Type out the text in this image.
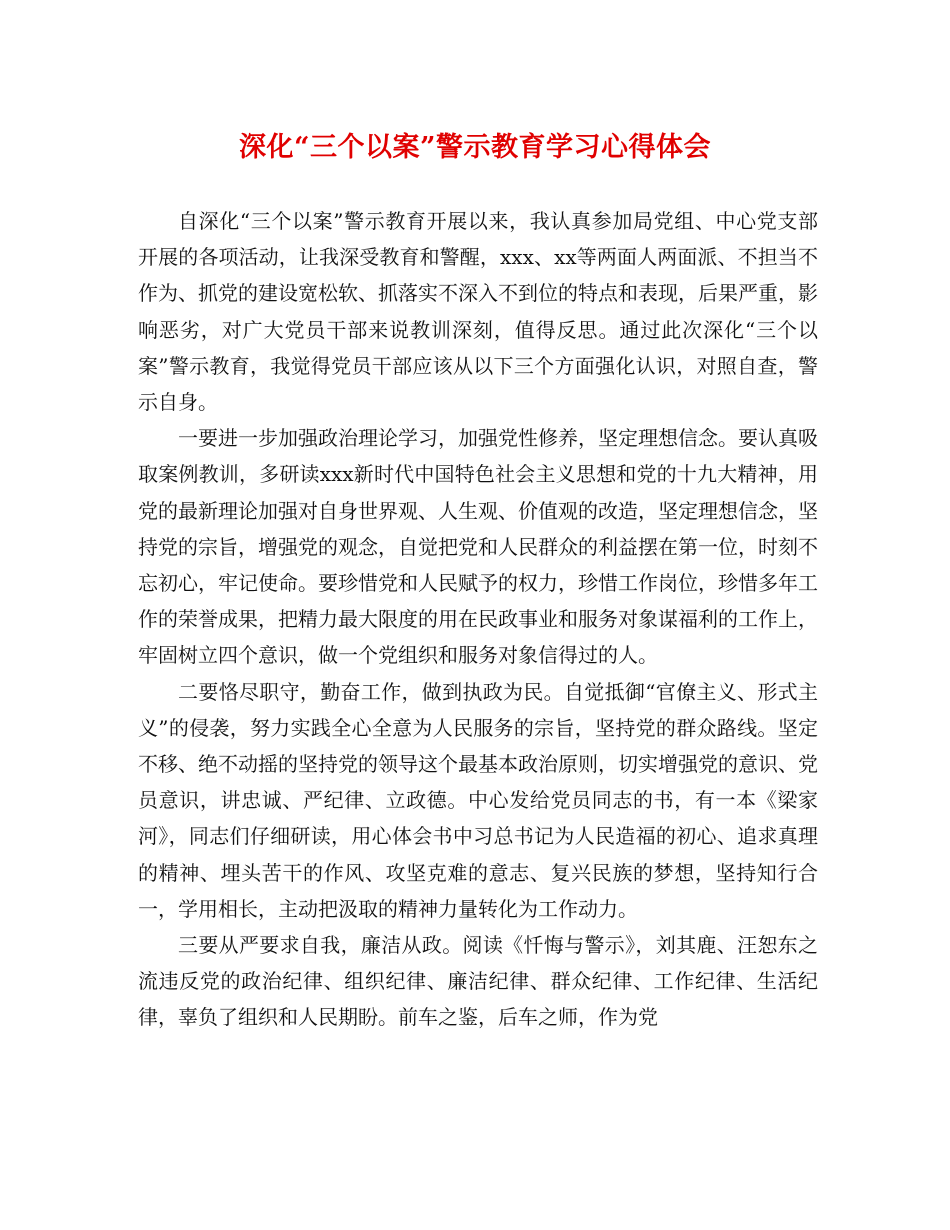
深化“三个以案”警示教育学习心得体会

自深化“三个以案”警示教育开展以来，我认真参加局党组、中心党支部开展的各项活动，让我深受教育和警醒，xxx、xx等两面人两面派、不担当不作为、抓党的建设宽松软、抓落实不深入不到位的特点和表现，后果严重，影响恶劣，对广大党员干部来说教训深刻，值得反思。通过此次深化“三个以案”警示教育，我觉得党员干部应该从以下三个方面强化认识，对照自查，警示自身。

一要进一步加强政治理论学习，加强党性修养，坚定理想信念。要认真吸取案例教训，多研读xxx新时代中国特色社会主义思想和党的十九大精神，用党的最新理论加强对自身世界观、人生观、价值观的改造，坚定理想信念，坚持党的宗旨，增强党的观念，自觉把党和人民群众的利益摆在第一位，时刻不忘初心，牢记使命。要珍惜党和人民赋予的权力，珍惜工作岗位，珍惜多年工作的荣誉成果，把精力最大限度的用在民政事业和服务对象谋福利的工作上，牢固树立四个意识，做一个党组织和服务对象信得过的人。

二要恪尽职守，勤奋工作，做到执政为民。自觉抵御“官僚主义、形式主义”的侵袭，努力实践全心全意为人民服务的宗旨，坚持党的群众路线。坚定不移、绝不动摇的坚持党的领导这个最基本政治原则，切实增强党的意识、党员意识，讲忠诚、严纪律、立政德。中心发给党员同志的书，有一本《梁家河》，同志们仔细研读，用心体会书中习总书记为人民造福的初心、追求真理的精神、埋头苦干的作风、攻坚克难的意志、复兴民族的梦想，坚持知行合一，学用相长，主动把汲取的精神力量转化为工作动力。

三要从严要求自我，廉洁从政。阅读《忏悔与警示》，刘其鹿、汪恕东之流违反党的政治纪律、组织纪律、廉洁纪律、群众纪律、工作纪律、生活纪律，辜负了组织和人民期盼。前车之鉴，后车之师，作为党
